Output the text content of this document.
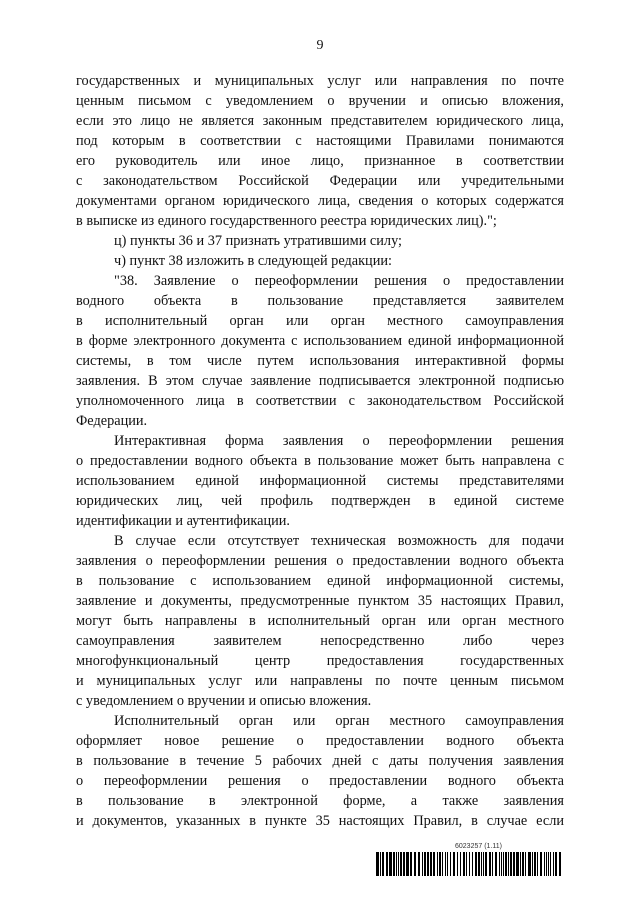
9
государственных и муниципальных услуг или направления по почте
ценным письмом с уведомлением о вручении и описью вложения,
если это лицо не является законным представителем юридического лица,
под которым в соответствии с настоящими Правилами понимаются
его руководитель или иное лицо, признанное в соответствии
с законодательством Российской Федерации или учредительными
документами органом юридического лица, сведения о которых содержатся
в выписке из единого государственного реестра юридических лиц).";
ц) пункты 36 и 37 признать утратившими силу;
ч) пункт 38 изложить в следующей редакции:
"38. Заявление о переоформлении решения о предоставлении
водного объекта в пользование представляется заявителем
в исполнительный орган или орган местного самоуправления
в форме электронного документа с использованием единой информационной
системы, в том числе путем использования интерактивной формы
заявления. В этом случае заявление подписывается электронной подписью
уполномоченного лица в соответствии с законодательством Российской
Федерации.
Интерактивная форма заявления о переоформлении решения
о предоставлении водного объекта в пользование может быть направлена с
использованием единой информационной системы представителями
юридических лиц, чей профиль подтвержден в единой системе
идентификации и аутентификации.
В случае если отсутствует техническая возможность для подачи
заявления о переоформлении решения о предоставлении водного объекта
в пользование с использованием единой информационной системы,
заявление и документы, предусмотренные пунктом 35 настоящих Правил,
могут быть направлены в исполнительный орган или орган местного
самоуправления заявителем непосредственно либо через
многофункциональный центр предоставления государственных
и муниципальных услуг или направлены по почте ценным письмом
с уведомлением о вручении и описью вложения.
Исполнительный орган или орган местного самоуправления
оформляет новое решение о предоставлении водного объекта
в пользование в течение 5 рабочих дней с даты получения заявления
о переоформлении решения о предоставлении водного объекта
в пользование в электронной форме, а также заявления
и документов, указанных в пункте 35 настоящих Правил, в случае если
6023257 (1.11)
